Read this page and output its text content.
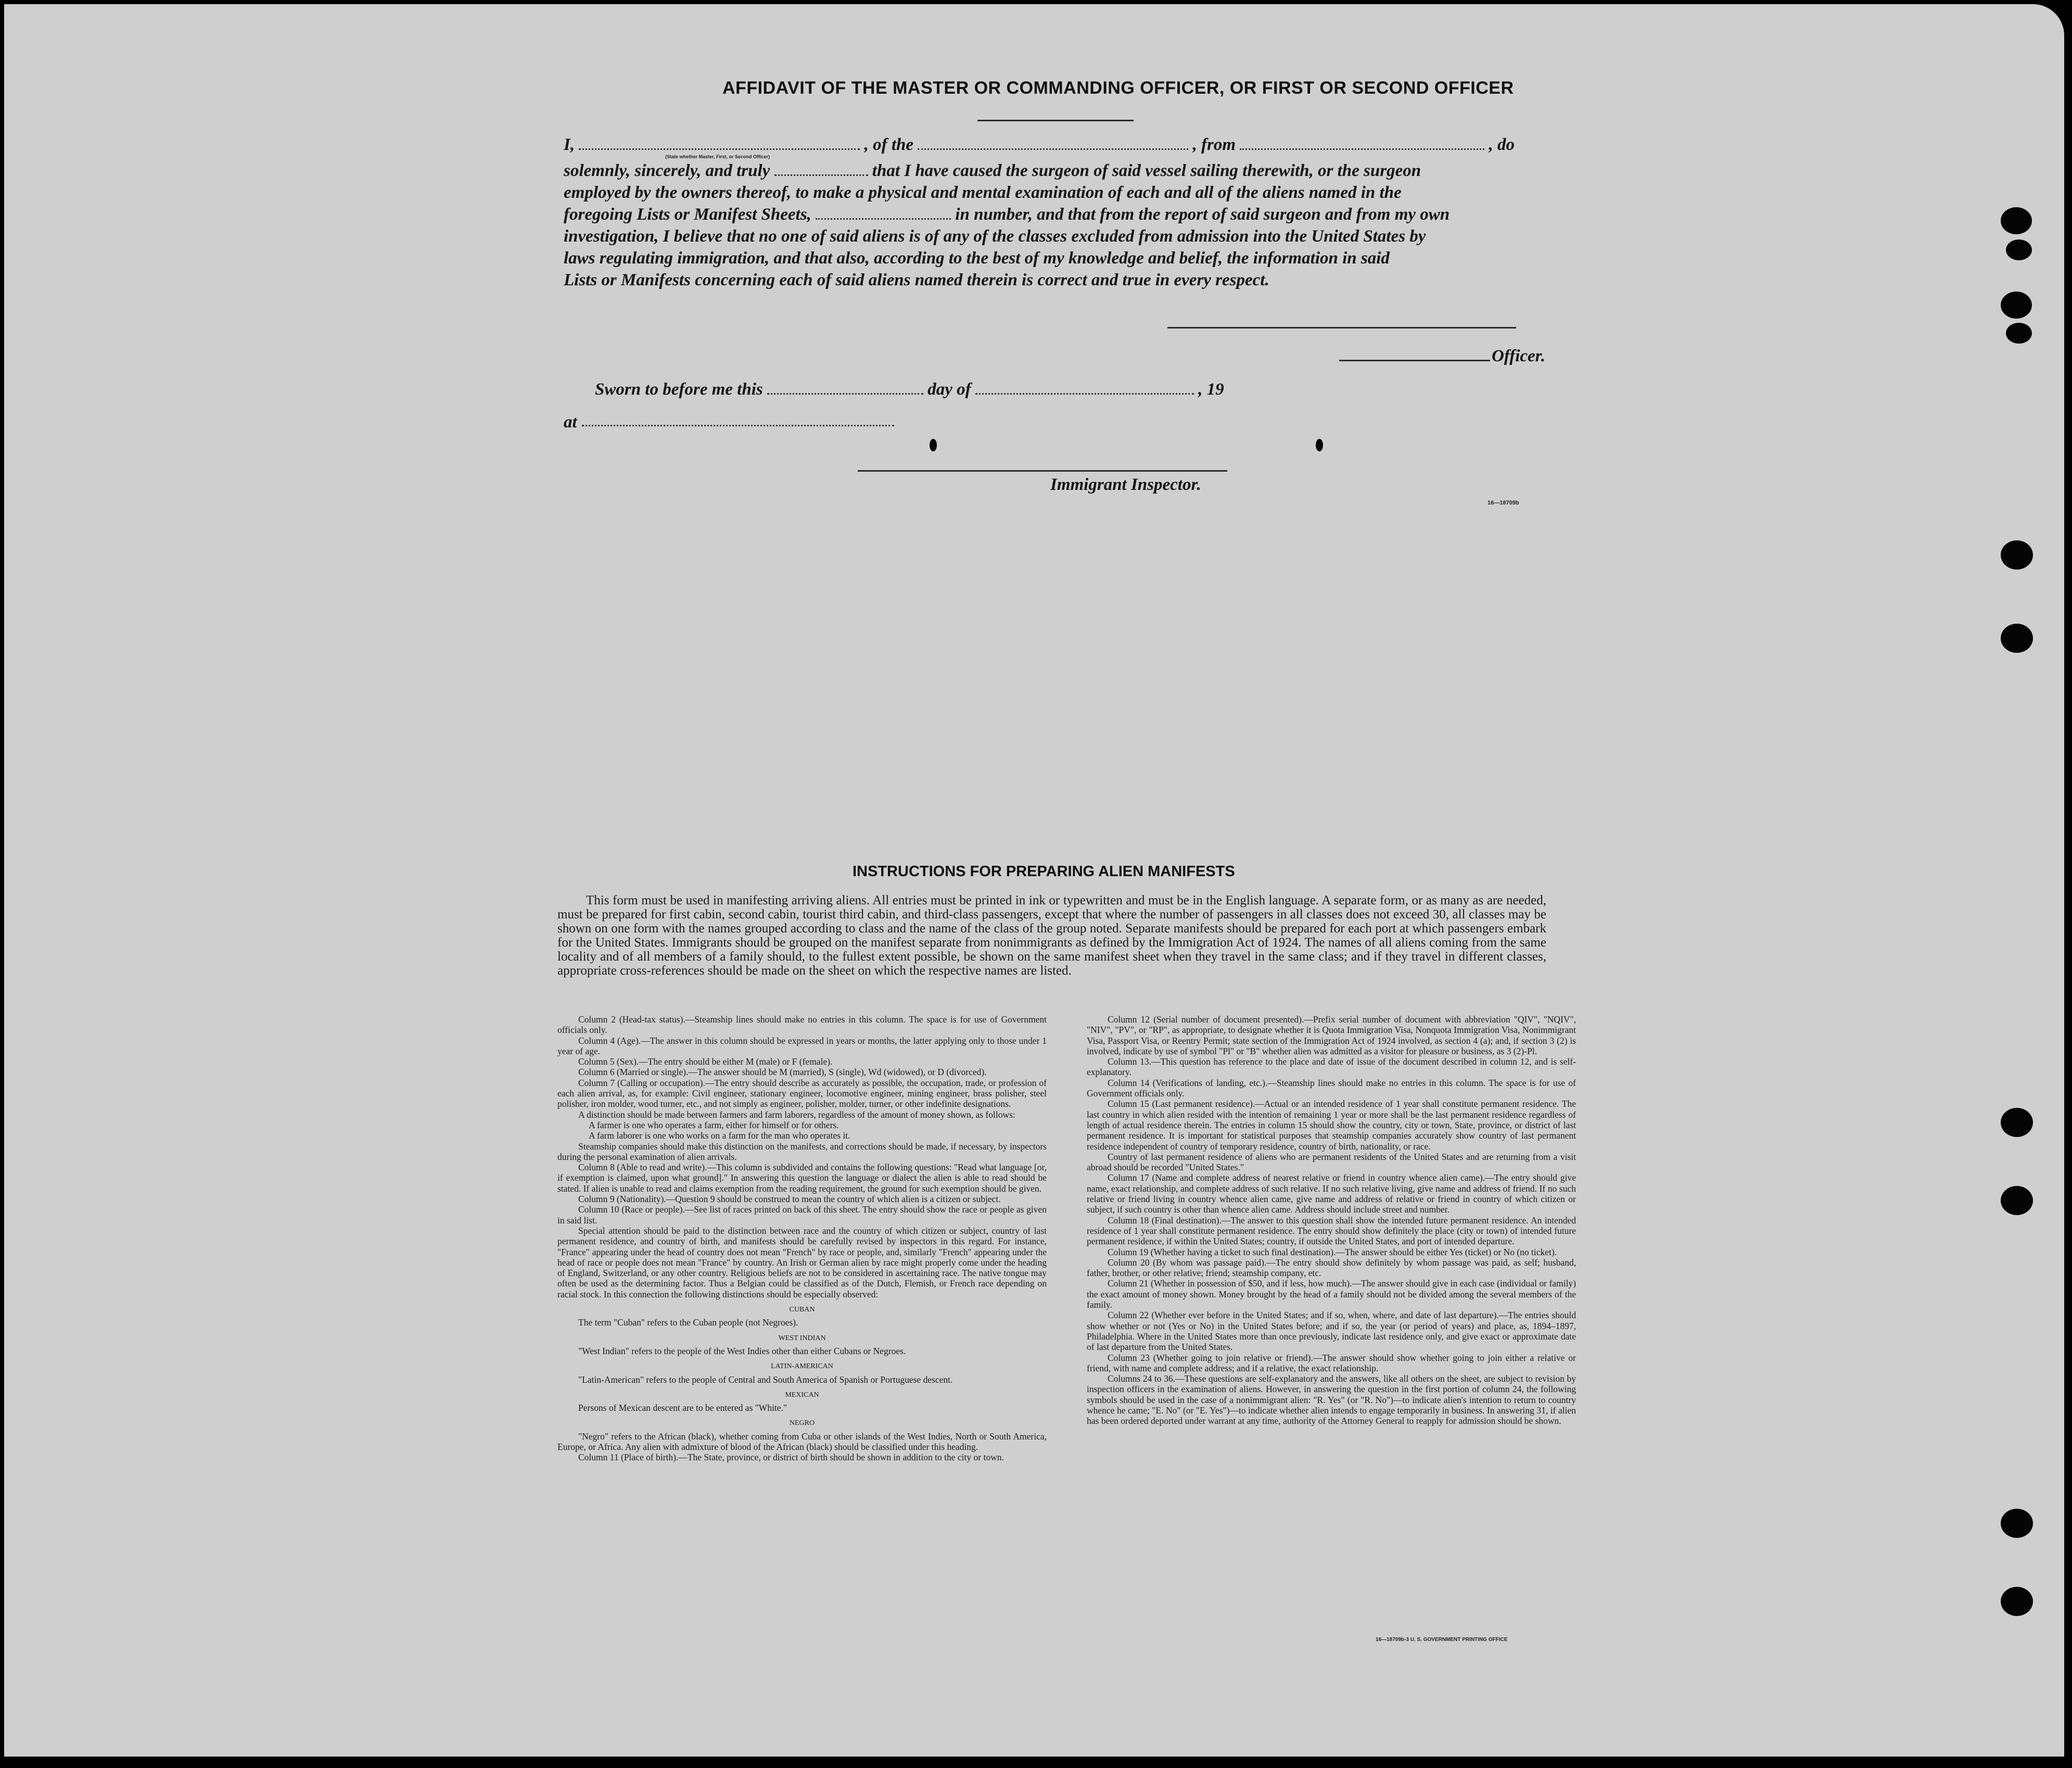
AFFIDAVIT OF THE MASTER OR COMMANDING OFFICER, OR FIRST OR SECOND OFFICER
I,	, of the	, from	, do
(State whether Master, First, or Second Officer)
solemnly, sincerely, and truly	that I have caused the surgeon of said vessel sailing therewith, or the surgeon
employed by the owners thereof, to make a physical and mental examination of each and all of the aliens named in the
foregoing Lists or Manifest Sheets,	in number, and that from the report of said surgeon and from my own
investigation, I believe that no one of said aliens is of any of the classes excluded from admission into the United States by
laws regulating immigration, and that also, according to the best of my knowledge and belief, the information in said
Lists or Manifests concerning each of said aliens named therein is correct and true in every respect.
Officer.
Sworn to before me this	day of	, 19
at
Immigrant Inspector.
16—18709b
INSTRUCTIONS FOR PREPARING ALIEN MANIFESTS
This form must be used in manifesting arriving aliens. All entries must be printed in ink or typewritten and must be in the English language. A separate form, or as many as are needed, must be prepared for first cabin, second cabin, tourist third cabin, and third-class passengers, except that where the number of passengers in all classes does not exceed 30, all classes may be shown on one form with the names grouped according to class and the name of the class of the group noted. Separate manifests should be prepared for each port at which passengers embark for the United States. Immigrants should be grouped on the manifest separate from nonimmigrants as defined by the Immigration Act of 1924. The names of all aliens coming from the same locality and of all members of a family should, to the fullest extent possible, be shown on the same manifest sheet when they travel in the same class; and if they travel in different classes, appropriate cross-references should be made on the sheet on which the respective names are listed.

Column 2 (Head-tax status).—Steamship lines should make no entries in this column. The space is for use of Government officials only.

Column 4 (Age).—The answer in this column should be expressed in years or months, the latter applying only to those under 1 year of age.

Column 5 (Sex).—The entry should be either M (male) or F (female).

Column 6 (Married or single).—The answer should be M (married), S (single), Wd (widowed), or D (divorced).

Column 7 (Calling or occupation).—The entry should describe as accurately as possible, the occupation, trade, or profession of each alien arrival, as, for example: Civil engineer, stationary engineer, locomotive engineer, mining engineer, brass polisher, steel polisher, iron molder, wood turner, etc., and not simply as engineer, polisher, molder, turner, or other indefinite designations.

A distinction should be made between farmers and farm laborers, regardless of the amount of money shown, as follows:

A farmer is one who operates a farm, either for himself or for others.

A farm laborer is one who works on a farm for the man who operates it.

Steamship companies should make this distinction on the manifests, and corrections should be made, if necessary, by inspectors during the personal examination of alien arrivals.

Column 8 (Able to read and write).—This column is subdivided and contains the following questions: "Read what language [or, if exemption is claimed, upon what ground]." In answering this question the language or dialect the alien is able to read should be stated. If alien is unable to read and claims exemption from the reading requirement, the ground for such exemption should be given.

Column 9 (Nationality).—Question 9 should be construed to mean the country of which alien is a citizen or subject.

Column 10 (Race or people).—See list of races printed on back of this sheet. The entry should show the race or people as given in said list.

Special attention should be paid to the distinction between race and the country of which citizen or subject, country of last permanent residence, and country of birth, and manifests should be carefully revised by inspectors in this regard. For instance, "France" appearing under the head of country does not mean "French" by race or people, and, similarly "French" appearing under the head of race or people does not mean "France" by country. An Irish or German alien by race might properly come under the heading of England, Switzerland, or any other country. Religious beliefs are not to be considered in ascertaining race. The native tongue may often be used as the determining factor. Thus a Belgian could be classified as of the Dutch, Flemish, or French race depending on racial stock. In this connection the following distinctions should be especially observed:

CUBAN

The term "Cuban" refers to the Cuban people (not Negroes).

WEST INDIAN

"West Indian" refers to the people of the West Indies other than either Cubans or Negroes.

LATIN-AMERICAN

"Latin-American" refers to the people of Central and South America of Spanish or Portuguese descent.

MEXICAN

Persons of Mexican descent are to be entered as "White."

NEGRO

"Negro" refers to the African (black), whether coming from Cuba or other islands of the West Indies, North or South America, Europe, or Africa. Any alien with admixture of blood of the African (black) should be classified under this heading.

Column 11 (Place of birth).—The State, province, or district of birth should be shown in addition to the city or town.

Column 12 (Serial number of document presented).—Prefix serial number of document with abbreviation "QIV", "NQIV", "NIV", "PV", or "RP", as appropriate, to designate whether it is Quota Immigration Visa, Nonquota Immigration Visa, Nonimmigrant Visa, Passport Visa, or Reentry Permit; state section of the Immigration Act of 1924 involved, as section 4 (a); and, if section 3 (2) is involved, indicate by use of symbol "Pl" or "B" whether alien was admitted as a visitor for pleasure or business, as 3 (2)-Pl.

Column 13.—This question has reference to the place and date of issue of the document described in column 12, and is self-explanatory.

Column 14 (Verifications of landing, etc.).—Steamship lines should make no entries in this column. The space is for use of Government officials only.

Column 15 (Last permanent residence).—Actual or an intended residence of 1 year shall constitute permanent residence. The last country in which alien resided with the intention of remaining 1 year or more shall be the last permanent residence regardless of length of actual residence therein. The entries in column 15 should show the country, city or town, State, province, or district of last permanent residence. It is important for statistical purposes that steamship companies accurately show country of last permanent residence independent of country of temporary residence, country of birth, nationality, or race.

Country of last permanent residence of aliens who are permanent residents of the United States and are returning from a visit abroad should be recorded "United States."

Column 17 (Name and complete address of nearest relative or friend in country whence alien came).—The entry should give name, exact relationship, and complete address of such relative. If no such relative living, give name and address of friend. If no such relative or friend living in country whence alien came, give name and address of relative or friend in country of which citizen or subject, if such country is other than whence alien came. Address should include street and number.

Column 18 (Final destination).—The answer to this question shall show the intended future permanent residence. An intended residence of 1 year shall constitute permanent residence. The entry should show definitely the place (city or town) of intended future permanent residence, if within the United States; country, if outside the United States, and port of intended departure.

Column 19 (Whether having a ticket to such final destination).—The answer should be either Yes (ticket) or No (no ticket).

Column 20 (By whom was passage paid).—The entry should show definitely by whom passage was paid, as self; husband, father, brother, or other relative; friend; steamship company, etc.

Column 21 (Whether in possession of $50, and if less, how much).—The answer should give in each case (individual or family) the exact amount of money shown. Money brought by the head of a family should not be divided among the several members of the family.

Column 22 (Whether ever before in the United States; and if so, when, where, and date of last departure).—The entries should show whether or not (Yes or No) in the United States before; and if so, the year (or period of years) and place, as, 1894–1897, Philadelphia. Where in the United States more than once previously, indicate last residence only, and give exact or approximate date of last departure from the United States.

Column 23 (Whether going to join relative or friend).—The answer should show whether going to join either a relative or friend, with name and complete address; and if a relative, the exact relationship.

Columns 24 to 36.—These questions are self-explanatory and the answers, like all others on the sheet, are subject to revision by inspection officers in the examination of aliens. However, in answering the question in the first portion of column 24, the following symbols should be used in the case of a nonimmigrant alien: "R. Yes" (or "R. No")—to indicate alien's intention to return to country whence he came; "E. No" (or "E. Yes")—to indicate whether alien intends to engage temporarily in business. In answering 31, if alien has been ordered deported under warrant at any time, authority of the Attorney General to reapply for admission should be shown.

16—18709b-3 U. S. GOVERNMENT PRINTING OFFICE
